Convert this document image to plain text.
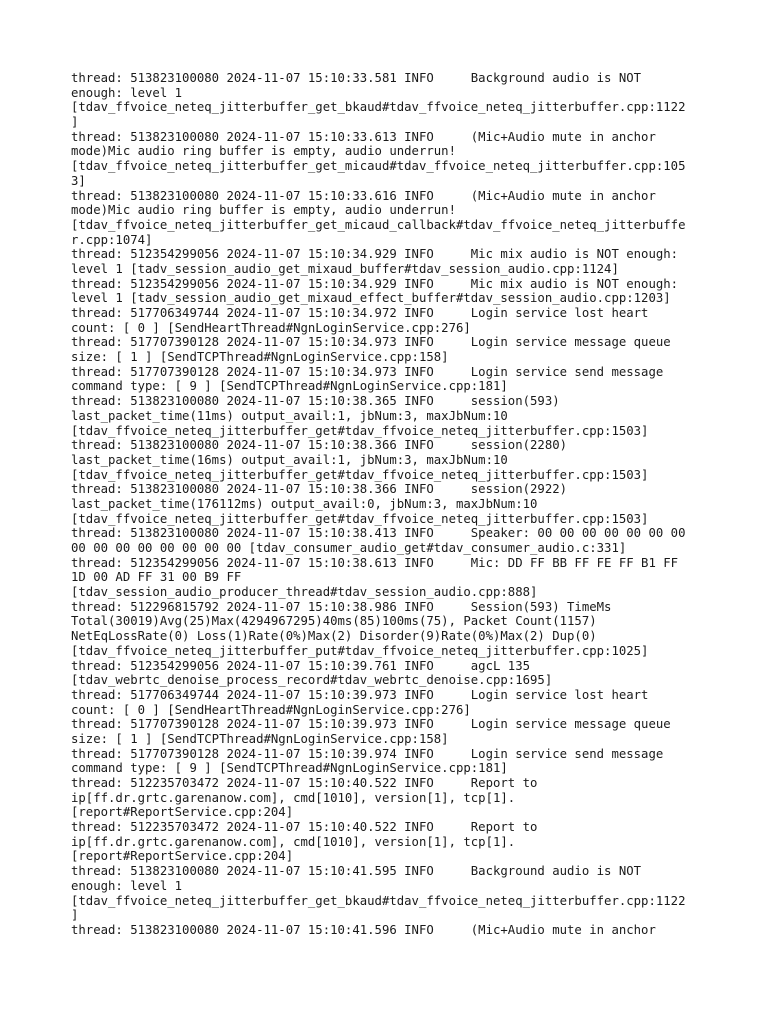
thread: 513823100080 2024-11-07 15:10:33.581 INFO     Background audio is NOT
enough: level 1
[tdav_ffvoice_neteq_jitterbuffer_get_bkaud#tdav_ffvoice_neteq_jitterbuffer.cpp:1122
]
thread: 513823100080 2024-11-07 15:10:33.613 INFO     (Mic+Audio mute in anchor
mode)Mic audio ring buffer is empty, audio underrun!
[tdav_ffvoice_neteq_jitterbuffer_get_micaud#tdav_ffvoice_neteq_jitterbuffer.cpp:105
3]
thread: 513823100080 2024-11-07 15:10:33.616 INFO     (Mic+Audio mute in anchor
mode)Mic audio ring buffer is empty, audio underrun!
[tdav_ffvoice_neteq_jitterbuffer_get_micaud_callback#tdav_ffvoice_neteq_jitterbuffe
r.cpp:1074]
thread: 512354299056 2024-11-07 15:10:34.929 INFO     Mic mix audio is NOT enough:
level 1 [tadv_session_audio_get_mixaud_buffer#tdav_session_audio.cpp:1124]
thread: 512354299056 2024-11-07 15:10:34.929 INFO     Mic mix audio is NOT enough:
level 1 [tadv_session_audio_get_mixaud_effect_buffer#tdav_session_audio.cpp:1203]
thread: 517706349744 2024-11-07 15:10:34.972 INFO     Login service lost heart
count: [ 0 ] [SendHeartThread#NgnLoginService.cpp:276]
thread: 517707390128 2024-11-07 15:10:34.973 INFO     Login service message queue
size: [ 1 ] [SendTCPThread#NgnLoginService.cpp:158]
thread: 517707390128 2024-11-07 15:10:34.973 INFO     Login service send message
command type: [ 9 ] [SendTCPThread#NgnLoginService.cpp:181]
thread: 513823100080 2024-11-07 15:10:38.365 INFO     session(593)
last_packet_time(11ms) output_avail:1, jbNum:3, maxJbNum:10
[tdav_ffvoice_neteq_jitterbuffer_get#tdav_ffvoice_neteq_jitterbuffer.cpp:1503]
thread: 513823100080 2024-11-07 15:10:38.366 INFO     session(2280)
last_packet_time(16ms) output_avail:1, jbNum:3, maxJbNum:10
[tdav_ffvoice_neteq_jitterbuffer_get#tdav_ffvoice_neteq_jitterbuffer.cpp:1503]
thread: 513823100080 2024-11-07 15:10:38.366 INFO     session(2922)
last_packet_time(176112ms) output_avail:0, jbNum:3, maxJbNum:10
[tdav_ffvoice_neteq_jitterbuffer_get#tdav_ffvoice_neteq_jitterbuffer.cpp:1503]
thread: 513823100080 2024-11-07 15:10:38.413 INFO     Speaker: 00 00 00 00 00 00 00
00 00 00 00 00 00 00 00 [tdav_consumer_audio_get#tdav_consumer_audio.c:331]
thread: 512354299056 2024-11-07 15:10:38.613 INFO     Mic: DD FF BB FF FE FF B1 FF
1D 00 AD FF 31 00 B9 FF
[tdav_session_audio_producer_thread#tdav_session_audio.cpp:888]
thread: 512296815792 2024-11-07 15:10:38.986 INFO     Session(593) TimeMs
Total(30019)Avg(25)Max(4294967295)40ms(85)100ms(75), Packet Count(1157)
NetEqLossRate(0) Loss(1)Rate(0%)Max(2) Disorder(9)Rate(0%)Max(2) Dup(0)
[tdav_ffvoice_neteq_jitterbuffer_put#tdav_ffvoice_neteq_jitterbuffer.cpp:1025]
thread: 512354299056 2024-11-07 15:10:39.761 INFO     agcL 135
[tdav_webrtc_denoise_process_record#tdav_webrtc_denoise.cpp:1695]
thread: 517706349744 2024-11-07 15:10:39.973 INFO     Login service lost heart
count: [ 0 ] [SendHeartThread#NgnLoginService.cpp:276]
thread: 517707390128 2024-11-07 15:10:39.973 INFO     Login service message queue
size: [ 1 ] [SendTCPThread#NgnLoginService.cpp:158]
thread: 517707390128 2024-11-07 15:10:39.974 INFO     Login service send message
command type: [ 9 ] [SendTCPThread#NgnLoginService.cpp:181]
thread: 512235703472 2024-11-07 15:10:40.522 INFO     Report to
ip[ff.dr.grtc.garenanow.com], cmd[1010], version[1], tcp[1].
[report#ReportService.cpp:204]
thread: 512235703472 2024-11-07 15:10:40.522 INFO     Report to
ip[ff.dr.grtc.garenanow.com], cmd[1010], version[1], tcp[1].
[report#ReportService.cpp:204]
thread: 513823100080 2024-11-07 15:10:41.595 INFO     Background audio is NOT
enough: level 1
[tdav_ffvoice_neteq_jitterbuffer_get_bkaud#tdav_ffvoice_neteq_jitterbuffer.cpp:1122
]
thread: 513823100080 2024-11-07 15:10:41.596 INFO     (Mic+Audio mute in anchor
